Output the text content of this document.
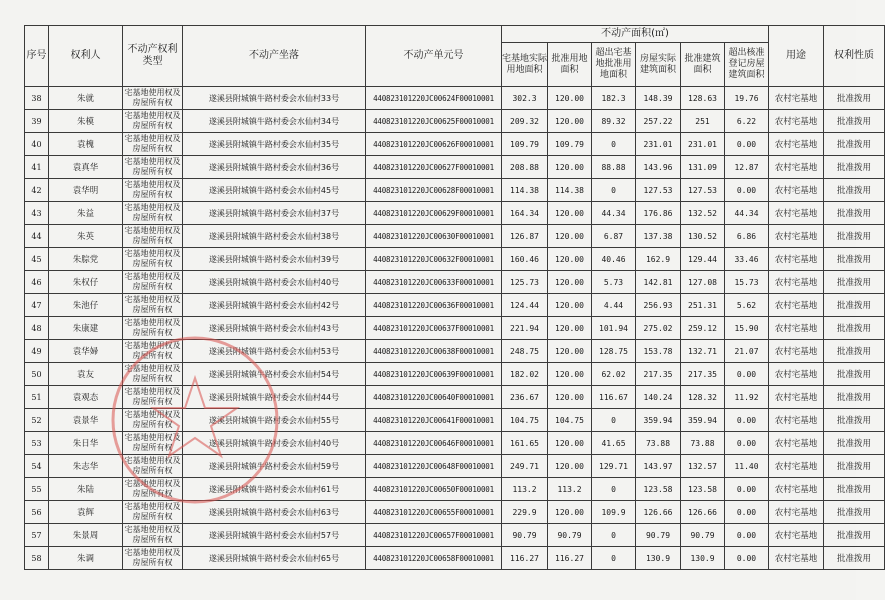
序号	权利人	不动产权利类型	不动产坐落	不动产单元号	不动产面积(㎡)						用途	权利性质
					宅基地实际用地面积	批准用地面积	超出宅基地批准用地面积	房屋实际建筑面积	批准建筑面积	超出核准登记房屋建筑面积		
38	朱就	宅基地使用权及房屋所有权	遂溪县附城镇牛路村委会水仙村33号	440823101220JC00624F00010001	302.3	120.00	182.3	148.39	128.63	19.76	农村宅基地	批准拨用
39	朱模	宅基地使用权及房屋所有权	遂溪县附城镇牛路村委会水仙村34号	440823101220JC00625F00010001	209.32	120.00	89.32	257.22	251	6.22	农村宅基地	批准拨用
40	袁槐	宅基地使用权及房屋所有权	遂溪县附城镇牛路村委会水仙村35号	440823101220JC00626F00010001	109.79	109.79	0	231.01	231.01	0.00	农村宅基地	批准拨用
41	袁真华	宅基地使用权及房屋所有权	遂溪县附城镇牛路村委会水仙村36号	440823101220JC00627F00010001	208.88	120.00	88.88	143.96	131.09	12.87	农村宅基地	批准拨用
42	袁华明	宅基地使用权及房屋所有权	遂溪县附城镇牛路村委会水仙村45号	440823101220JC00628F00010001	114.38	114.38	0	127.53	127.53	0.00	农村宅基地	批准拨用
43	朱益	宅基地使用权及房屋所有权	遂溪县附城镇牛路村委会水仙村37号	440823101220JC00629F00010001	164.34	120.00	44.34	176.86	132.52	44.34	农村宅基地	批准拨用
44	朱英	宅基地使用权及房屋所有权	遂溪县附城镇牛路村委会水仙村38号	440823101220JC00630F00010001	126.87	120.00	6.87	137.38	130.52	6.86	农村宅基地	批准拨用
45	朱腙党	宅基地使用权及房屋所有权	遂溪县附城镇牛路村委会水仙村39号	440823101220JC00632F00010001	160.46	120.00	40.46	162.9	129.44	33.46	农村宅基地	批准拨用
46	朱权仔	宅基地使用权及房屋所有权	遂溪县附城镇牛路村委会水仙村40号	440823101220JC00633F00010001	125.73	120.00	5.73	142.81	127.08	15.73	农村宅基地	批准拨用
47	朱池仔	宅基地使用权及房屋所有权	遂溪县附城镇牛路村委会水仙村42号	440823101220JC00636F00010001	124.44	120.00	4.44	256.93	251.31	5.62	农村宅基地	批准拨用
48	朱康建	宅基地使用权及房屋所有权	遂溪县附城镇牛路村委会水仙村43号	440823101220JC00637F00010001	221.94	120.00	101.94	275.02	259.12	15.90	农村宅基地	批准拨用
49	袁华婦	宅基地使用权及房屋所有权	遂溪县附城镇牛路村委会水仙村53号	440823101220JC00638F00010001	248.75	120.00	128.75	153.78	132.71	21.07	农村宅基地	批准拨用
50	袁友	宅基地使用权及房屋所有权	遂溪县附城镇牛路村委会水仙村54号	440823101220JC00639F00010001	182.02	120.00	62.02	217.35	217.35	0.00	农村宅基地	批准拨用
51	袁观态	宅基地使用权及房屋所有权	遂溪县附城镇牛路村委会水仙村44号	440823101220JC00640F00010001	236.67	120.00	116.67	140.24	128.32	11.92	农村宅基地	批准拨用
52	袁景华	宅基地使用权及房屋所有权	遂溪县附城镇牛路村委会水仙村55号	440823101220JC00641F00010001	104.75	104.75	0	359.94	359.94	0.00	农村宅基地	批准拨用
53	朱日华	宅基地使用权及房屋所有权	遂溪县附城镇牛路村委会水仙村40号	440823101220JC00646F00010001	161.65	120.00	41.65	73.88	73.88	0.00	农村宅基地	批准拨用
54	朱志华	宅基地使用权及房屋所有权	遂溪县附城镇牛路村委会水仙村59号	440823101220JC00648F00010001	249.71	120.00	129.71	143.97	132.57	11.40	农村宅基地	批准拨用
55	朱陆	宅基地使用权及房屋所有权	遂溪县附城镇牛路村委会水仙村61号	440823101220JC00650F00010001	113.2	113.2	0	123.58	123.58	0.00	农村宅基地	批准拨用
56	袁辉	宅基地使用权及房屋所有权	遂溪县附城镇牛路村委会水仙村63号	440823101220JC00655F00010001	229.9	120.00	109.9	126.66	126.66	0.00	农村宅基地	批准拨用
57	朱景周	宅基地使用权及房屋所有权	遂溪县附城镇牛路村委会水仙村57号	440823101220JC00657F00010001	90.79	90.79	0	90.79	90.79	0.00	农村宅基地	批准拨用
58	朱调	宅基地使用权及房屋所有权	遂溪县附城镇牛路村委会水仙村65号	440823101220JC00658F00010001	116.27	116.27	0	130.9	130.9	0.00	农村宅基地	批准拨用
